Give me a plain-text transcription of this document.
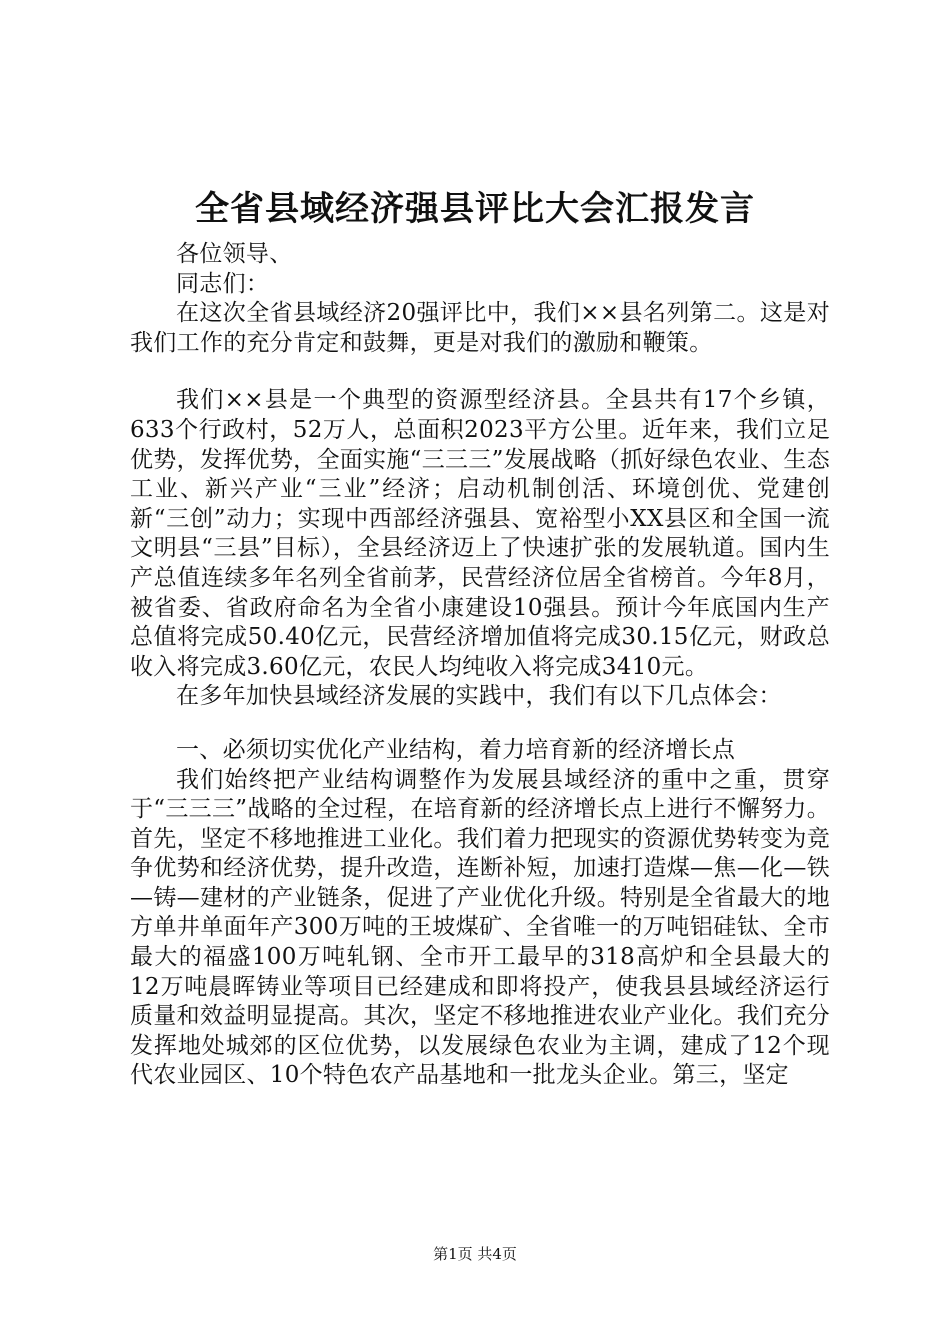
全省县域经济强县评比大会汇报发言

各位领导、

同志们：

在这次全省县域经济20强评比中，我们××县名列第二。这是对我们工作的充分肯定和鼓舞，更是对我们的激励和鞭策。

我们××县是一个典型的资源型经济县。全县共有17个乡镇，633个行政村，52万人，总面积2023平方公里。近年来，我们立足优势，发挥优势，全面实施“三三三”发展战略（抓好绿色农业、生态工业、新兴产业“三业”经济；启动机制创活、环境创优、党建创新“三创”动力；实现中西部经济强县、宽裕型小XX县区和全国一流文明县“三县”目标），全县经济迈上了快速扩张的发展轨道。国内生产总值连续多年名列全省前茅，民营经济位居全省榜首。今年8月，被省委、省政府命名为全省小康建设10强县。预计今年底国内生产总值将完成50.40亿元，民营经济增加值将完成30.15亿元，财政总收入将完成3.60亿元，农民人均纯收入将完成3410元。

在多年加快县域经济发展的实践中，我们有以下几点体会：

一、必须切实优化产业结构，着力培育新的经济增长点

我们始终把产业结构调整作为发展县域经济的重中之重，贯穿于“三三三”战略的全过程，在培育新的经济增长点上进行不懈努力。首先，坚定不移地推进工业化。我们着力把现实的资源优势转变为竞争优势和经济优势，提升改造，连断补短，加速打造煤—焦—化—铁—铸—建材的产业链条，促进了产业优化升级。特别是全省最大的地方单井单面年产300万吨的王坡煤矿、全省唯一的万吨铝硅钛、全市最大的福盛100万吨轧钢、全市开工最早的318高炉和全县最大的12万吨晨晖铸业等项目已经建成和即将投产，使我县县域经济运行质量和效益明显提高。其次，坚定不移地推进农业产业化。我们充分发挥地处城郊的区位优势，以发展绿色农业为主调，建成了12个现代农业园区、10个特色农产品基地和一批龙头企业。第三，坚定

第1页 共4页
